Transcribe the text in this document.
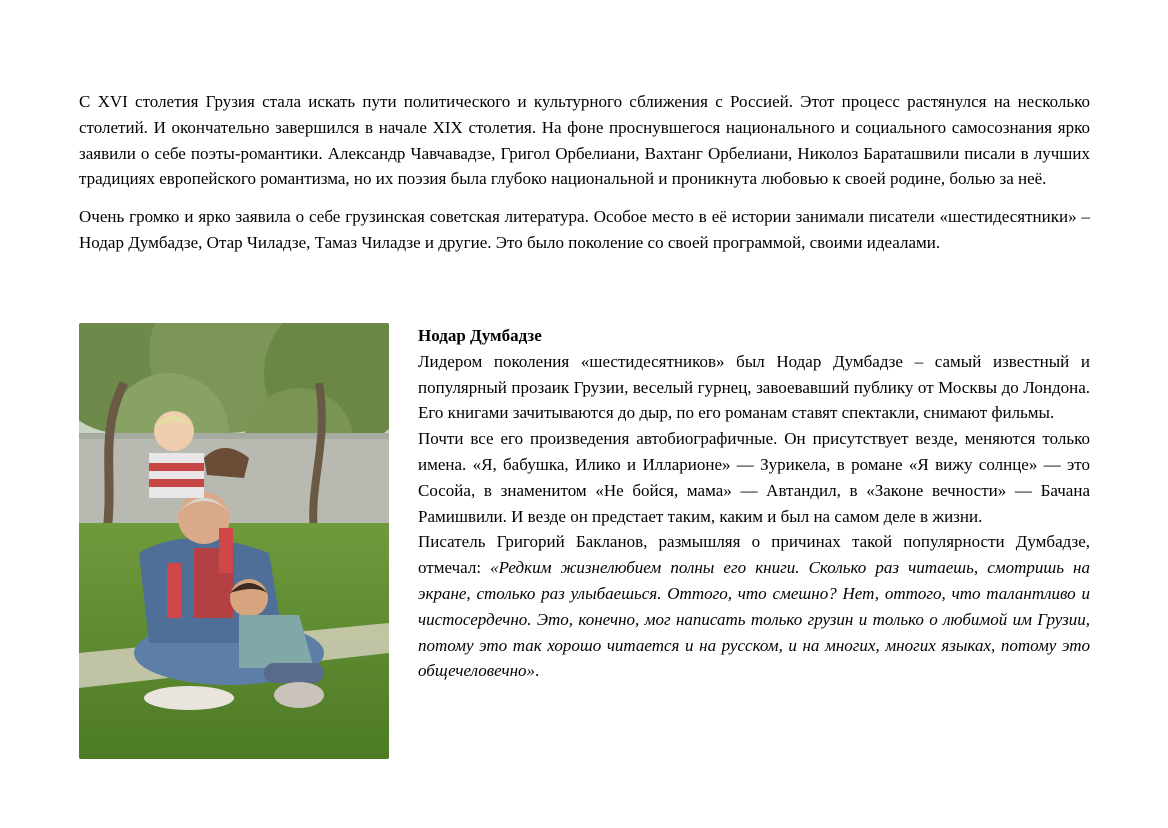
С XVI столетия Грузия стала искать пути политического и культурного сближения с Россией. Этот процесс растянулся на несколько столетий. И окончательно завершился в начале XIX столетия. На фоне проснувшегося национального и социального самосознания ярко заявили о себе поэты-романтики. Александр Чавчавадзе, Григол Орбелиани, Вахтанг Орбелиани, Николоз Бараташвили писали в лучших традициях европейского романтизма, но их поэзия была глубоко национальной и проникнута любовью к своей родине, болью за неё.

Очень громко и ярко заявила о себе грузинская советская литература. Особое место в её истории занимали писатели «шестидесятники» – Нодар Думбадзе, Отар Чиладзе, Тамаз Чиладзе и другие. Это было поколение со своей программой, своими идеалами.

Нодар Думбадзе

Лидером поколения «шестидесятников» был Нодар Думбадзе – самый известный и популярный прозаик Грузии, веселый гурнец, завоевавший публику от Москвы до Лондона. Его книгами зачитываются до дыр, по его романам ставят спектакли, снимают фильмы.

Почти все его произведения автобиографичные. Он присутствует везде, меняются только имена. «Я, бабушка, Илико и Илларионе» — Зурикела, в романе «Я вижу солнце» — это Сосойа, в знаменитом «Не бойся, мама» — Автандил, в «Законе вечности» — Бачана Рамишвили. И везде он предстает таким, каким и был на самом деле в жизни.

Писатель Григорий Бакланов, размышляя о причинах такой популярности Думбадзе, отмечал: «Редким жизнелюбием полны его книги. Сколько раз читаешь, смотришь на экране, столько раз улыбаешься. Оттого, что смешно? Нет, оттого, что талантливо и чистосердечно. Это, конечно, мог написать только грузин и только о любимой им Грузии, потому это так хорошо читается и на русском, и на многих, многих языках, потому это общечеловечно».
